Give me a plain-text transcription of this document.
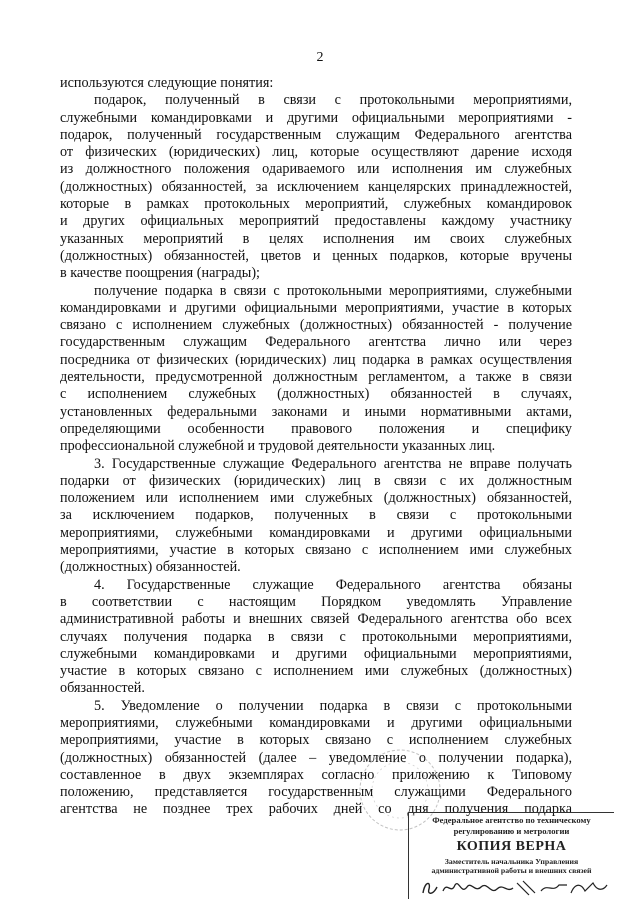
2
используются следующие понятия:
подарок, полученный в связи с протокольными мероприятиями,
служебными командировками и другими официальными мероприятиями -
подарок, полученный государственным служащим Федерального агентства
от физических (юридических) лиц, которые осуществляют дарение исходя
из должностного положения одариваемого или исполнения им служебных
(должностных) обязанностей, за исключением канцелярских принадлежностей,
которые в рамках протокольных мероприятий, служебных командировок
и других официальных мероприятий предоставлены каждому участнику
указанных мероприятий в целях исполнения им своих служебных
(должностных) обязанностей, цветов и ценных подарков, которые вручены
в качестве поощрения (награды);
получение подарка в связи с протокольными мероприятиями, служебными
командировками и другими официальными мероприятиями, участие в которых
связано с исполнением служебных (должностных) обязанностей - получение
государственным служащим Федерального агентства лично или через
посредника от физических (юридических) лиц подарка в рамках осуществления
деятельности, предусмотренной должностным регламентом, а также в связи
с исполнением служебных (должностных) обязанностей в случаях,
установленных федеральными законами и иными нормативными актами,
определяющими особенности правового положения и специфику
профессиональной служебной и трудовой деятельности указанных лиц.
3. Государственные служащие Федерального агентства не вправе получать
подарки от физических (юридических) лиц в связи с их должностным
положением или исполнением ими служебных (должностных) обязанностей,
за исключением подарков, полученных в связи с протокольными
мероприятиями, служебными командировками и другими официальными
мероприятиями, участие в которых связано с исполнением ими служебных
(должностных) обязанностей.
4. Государственные служащие Федерального агентства обязаны
в соответствии с настоящим Порядком уведомлять Управление
административной работы и внешних связей Федерального агентства обо всех
случаях получения подарка в связи с протокольными мероприятиями,
служебными командировками и другими официальными мероприятиями,
участие в которых связано с исполнением ими служебных (должностных)
обязанностей.
5. Уведомление о получении подарка в связи с протокольными
мероприятиями, служебными командировками и другими официальными
мероприятиями, участие в которых связано с исполнением служебных
(должностных) обязанностей (далее – уведомление о получении подарка),
составленное в двух экземплярах согласно приложению к Типовому
положению, представляется государственным служащими Федерального
агентства не позднее трех рабочих дней со дня получения подарка
Федеральное агентство по техническому
регулированию и метрологии
КОПИЯ ВЕРНА
Заместитель начальника Управления
административной работы и внешних связей
